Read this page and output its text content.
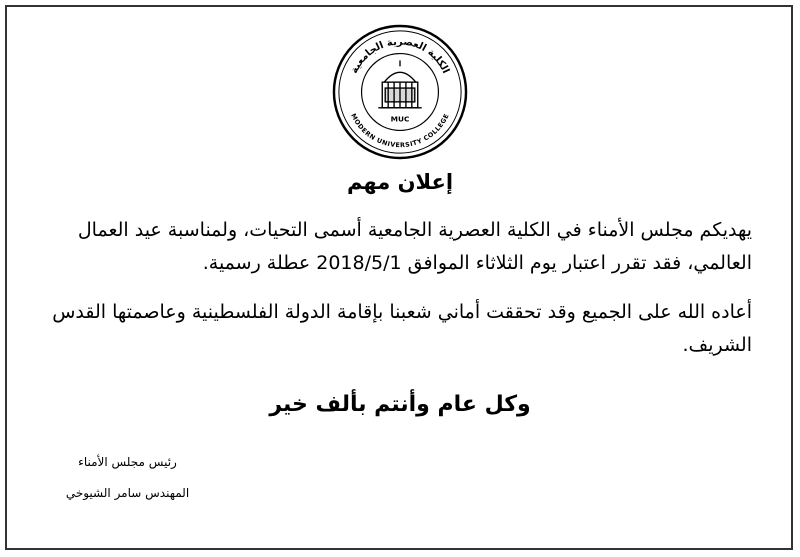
الكلية العصرية الجامعية
MODERN UNIVERSITY COLLEGE
MUC
إعلان مهم
يهديكم مجلس الأمناء في الكلية العصرية الجامعية أسمى التحيات، ولمناسبة عيد العمال العالمي، فقد تقرر اعتبار يوم الثلاثاء الموافق 2018/5/1 عطلة رسمية.
أعاده الله على الجميع وقد تحققت أماني شعبنا بإقامة الدولة الفلسطينية وعاصمتها القدس الشريف.
وكل عام وأنتم بألف خير
رئيس مجلس الأمناء
المهندس سامر الشيوخي
